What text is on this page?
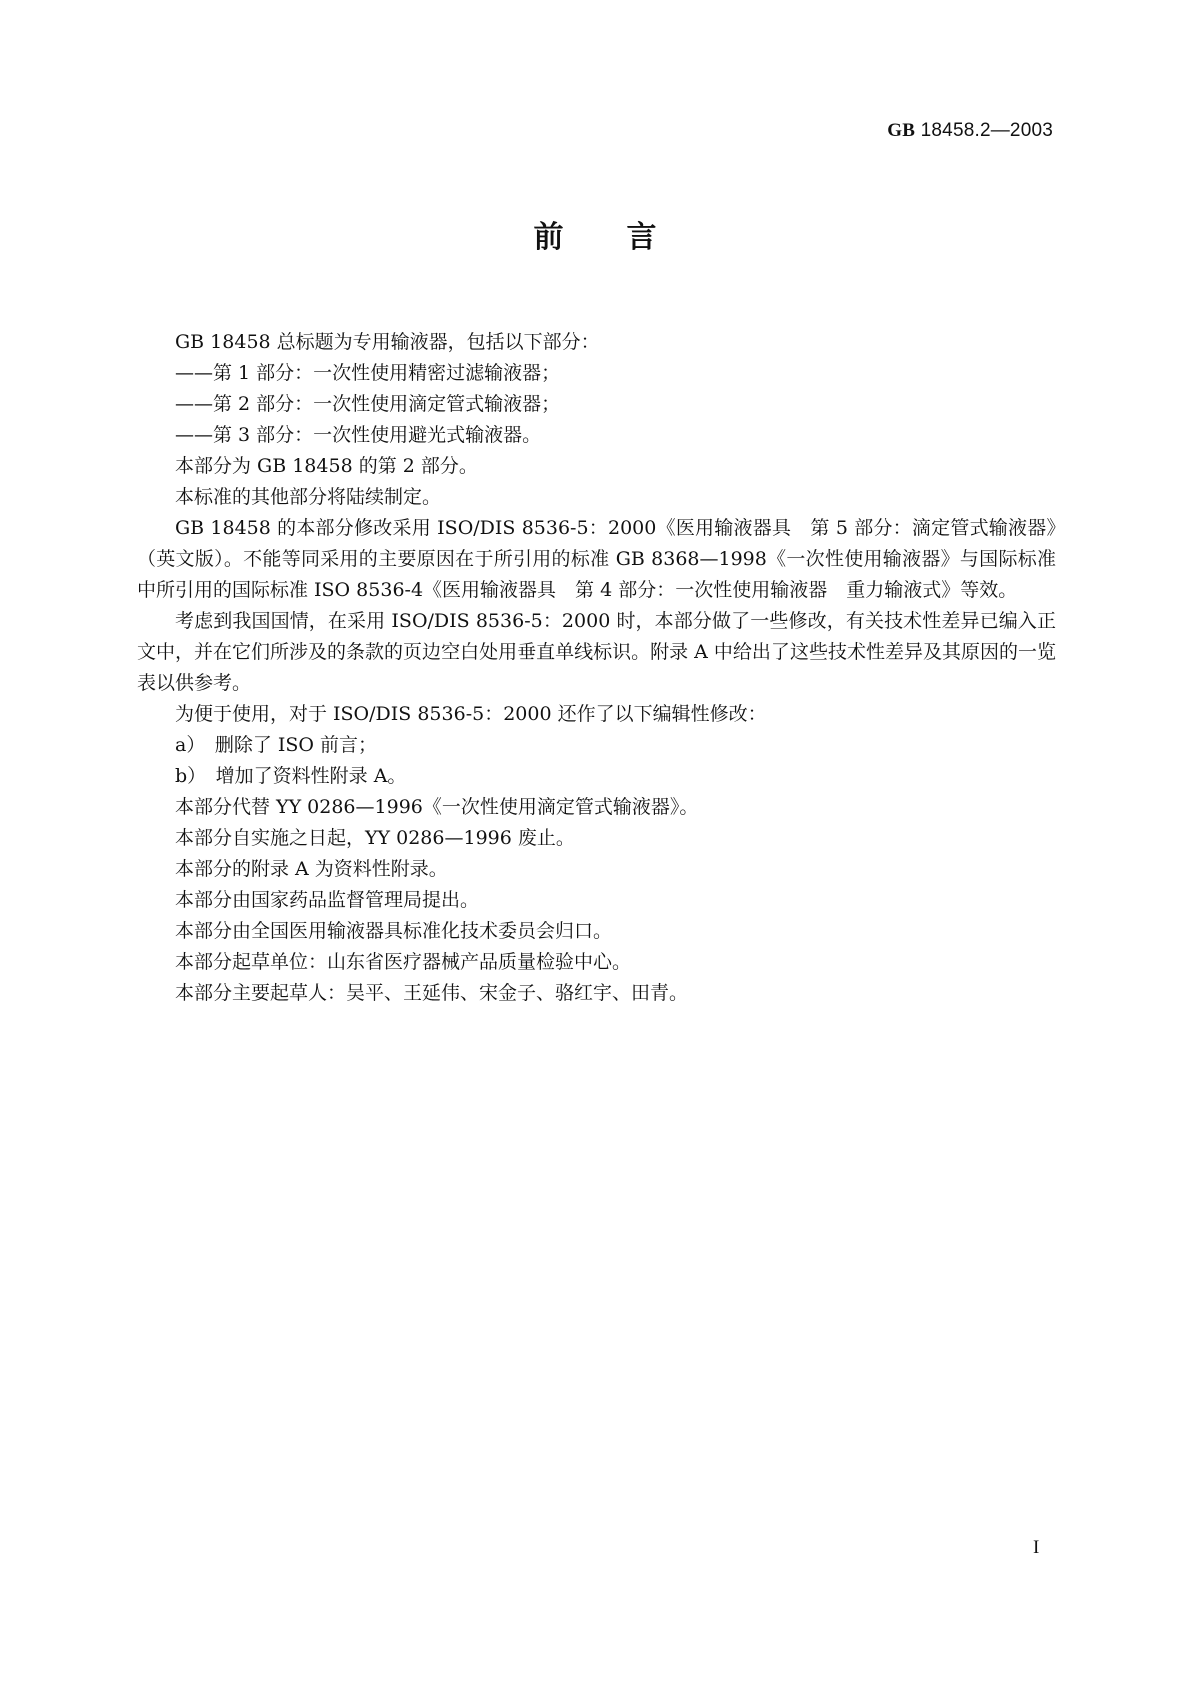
GB 18458.2—2003
前 言

GB 18458 总标题为专用输液器，包括以下部分：

——第 1 部分：一次性使用精密过滤输液器；

——第 2 部分：一次性使用滴定管式输液器；

——第 3 部分：一次性使用避光式输液器。

本部分为 GB 18458 的第 2 部分。

本标准的其他部分将陆续制定。

GB 18458 的本部分修改采用 ISO/DIS 8536-5：2000《医用输液器具　第 5 部分：滴定管式输液器》（英文版）。不能等同采用的主要原因在于所引用的标准 GB 8368—1998《一次性使用输液器》与国际标准中所引用的国际标准 ISO 8536-4《医用输液器具　第 4 部分：一次性使用输液器　重力输液式》等效。

考虑到我国国情，在采用 ISO/DIS 8536-5：2000 时，本部分做了一些修改，有关技术性差异已编入正文中，并在它们所涉及的条款的页边空白处用垂直单线标识。附录 A 中给出了这些技术性差异及其原因的一览表以供参考。

为便于使用，对于 ISO/DIS 8536-5：2000 还作了以下编辑性修改：

a）　删除了 ISO 前言；

b）　增加了资料性附录 A。

本部分代替 YY 0286—1996《一次性使用滴定管式输液器》。

本部分自实施之日起，YY 0286—1996 废止。

本部分的附录 A 为资料性附录。

本部分由国家药品监督管理局提出。

本部分由全国医用输液器具标准化技术委员会归口。

本部分起草单位：山东省医疗器械产品质量检验中心。

本部分主要起草人：吴平、王延伟、宋金子、骆红宇、田青。

I
